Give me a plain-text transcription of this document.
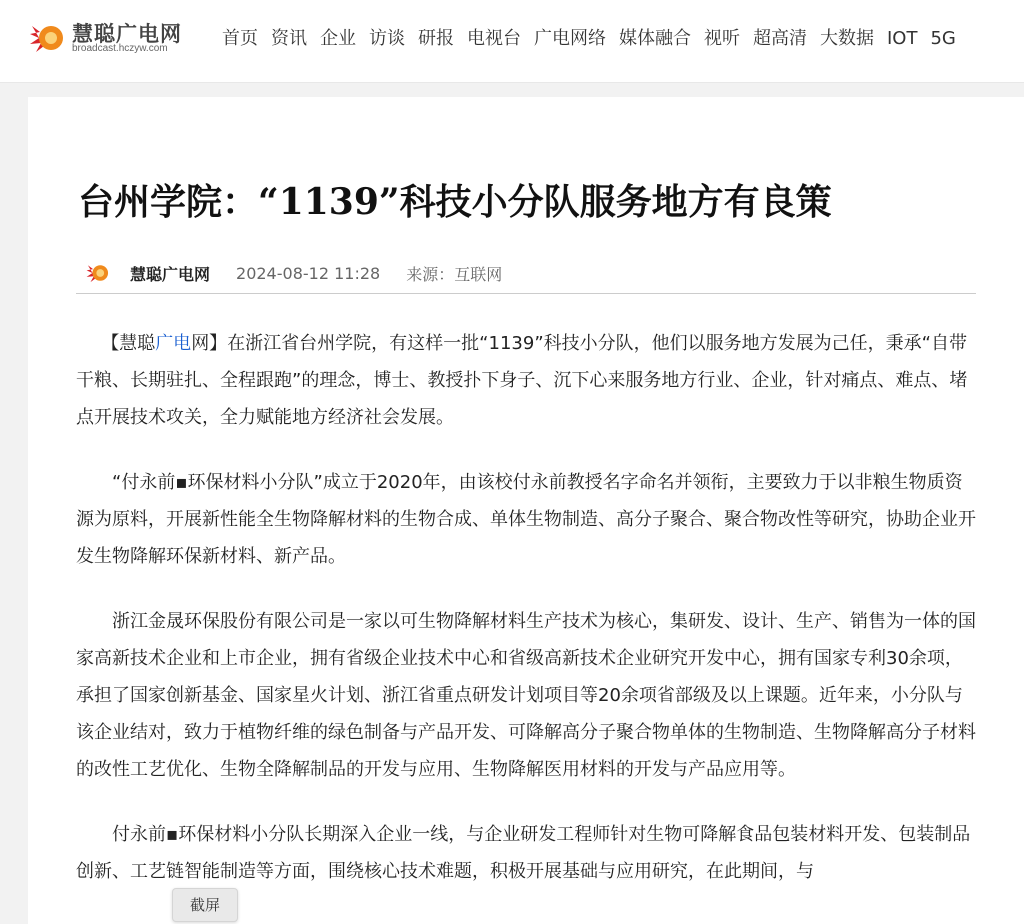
慧聪广电网
broadcast.hczyw.com	首页 资讯 企业 访谈 研报 电视台 广电网络 媒体融合 视听 超高清 大数据 IOT 5G
台州学院：“1139”科技小分队服务地方有良策
慧聪广电网 2024-08-12 11:28 来源： 互联网

【慧聪广电网】在浙江省台州学院，有这样一批“1139”科技小分队，他们以服务地方发展为己任，秉承“自带干粮、长期驻扎、全程跟跑”的理念，博士、教授扑下身子、沉下心来服务地方行业、企业，针对痛点、难点、堵点开展技术攻关，全力赋能地方经济社会发展。

“付永前▪环保材料小分队”成立于2020年，由该校付永前教授名字命名并领衔，主要致力于以非粮生物质资源为原料，开展新性能全生物降解材料的生物合成、单体生物制造、高分子聚合、聚合物改性等研究，协助企业开发生物降解环保新材料、新产品。

浙江金晟环保股份有限公司是一家以可生物降解材料生产技术为核心，集研发、设计、生产、销售为一体的国家高新技术企业和上市企业，拥有省级企业技术中心和省级高新技术企业研究开发中心，拥有国家专利30余项，承担了国家创新基金、国家星火计划、浙江省重点研发计划项目等20余项省部级及以上课题。近年来，小分队与该企业结对，致力于植物纤维的绿色制备与产品开发、可降解高分子聚合物单体的生物制造、生物降解高分子材料的改性工艺优化、生物全降解制品的开发与应用、生物降解医用材料的开发与产品应用等。

付永前▪环保材料小分队长期深入企业一线，与企业研发工程师针对生物可降解食品包装材料开发、包装制品创新、工艺链智能制造等方面，围绕核心技术难题，积极开展基础与应用研究，在此期间，与

截屏
